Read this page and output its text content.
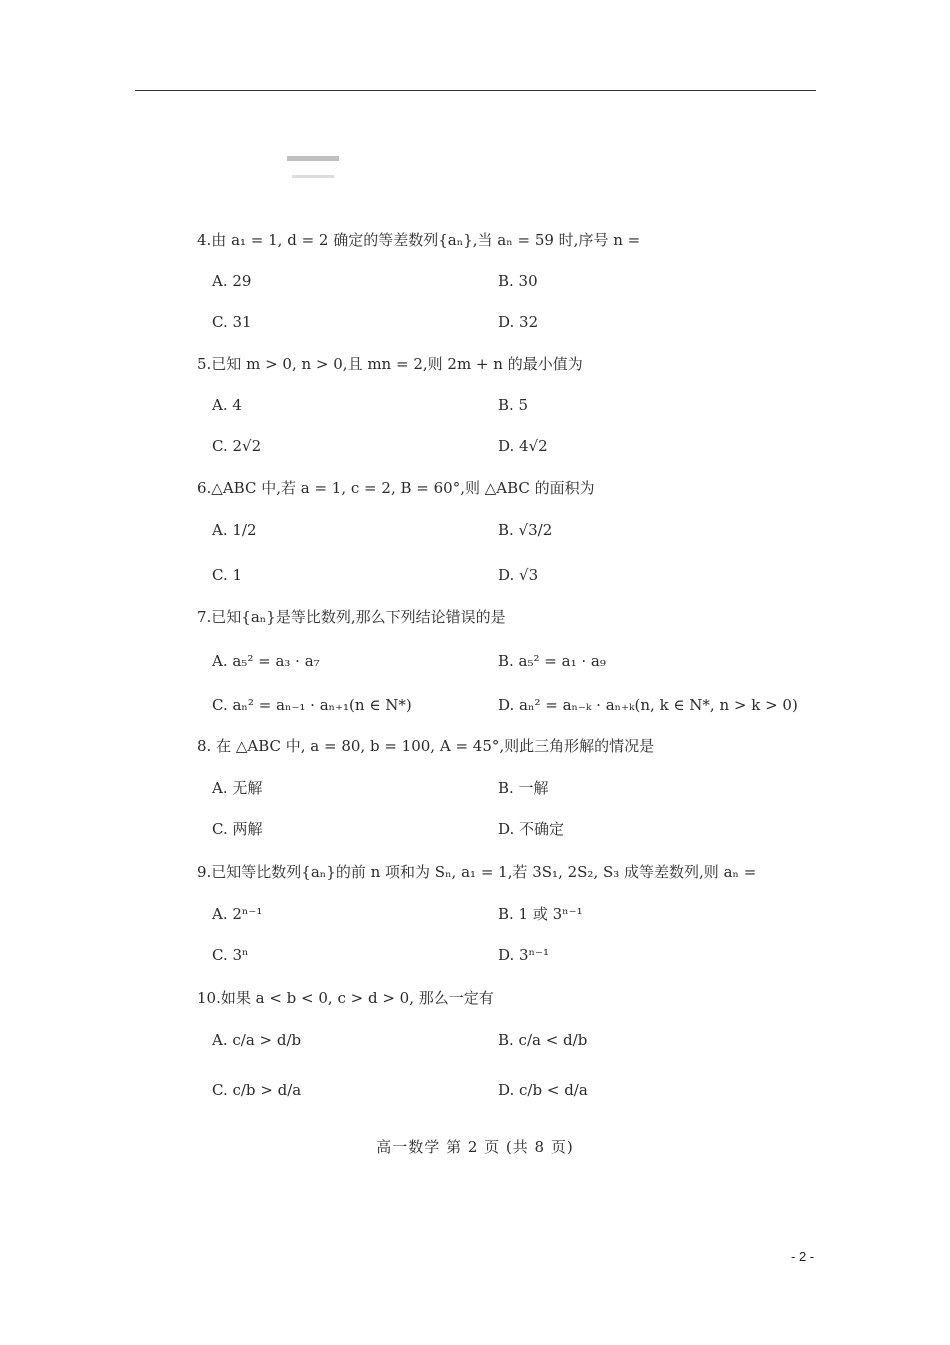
4.由 a₁ = 1, d = 2 确定的等差数列{aₙ},当 aₙ = 59 时,序号 n =
A. 29	B. 30
C. 31	D. 32
5.已知 m > 0, n > 0,且 mn = 2,则 2m + n 的最小值为
A. 4	B. 5
C. 2√2	D. 4√2
6.△ABC 中,若 a = 1, c = 2, B = 60°,则 △ABC 的面积为
A. 1/2	B. √3/2
C. 1	D. √3
7.已知{aₙ}是等比数列,那么下列结论错误的是
A. a₅² = a₃ · a₇	B. a₅² = a₁ · a₉
C. aₙ² = aₙ₋₁ · aₙ₊₁(n ∈ N*)	D. aₙ² = aₙ₋ₖ · aₙ₊ₖ(n, k ∈ N*, n > k > 0)
8. 在 △ABC 中, a = 80, b = 100, A = 45°,则此三角形解的情况是
A. 无解	B. 一解
C. 两解	D. 不确定
9.已知等比数列{aₙ}的前 n 项和为 Sₙ, a₁ = 1,若 3S₁, 2S₂, S₃ 成等差数列,则 aₙ =
A. 2ⁿ⁻¹	B. 1 或 3ⁿ⁻¹
C. 3ⁿ	D. 3ⁿ⁻¹
10.如果 a < b < 0, c > d > 0, 那么一定有
A. c/a > d/b	B. c/a < d/b
C. c/b > d/a	D. c/b < d/a
高一数学 第 2 页 (共 8 页)
- 2 -
